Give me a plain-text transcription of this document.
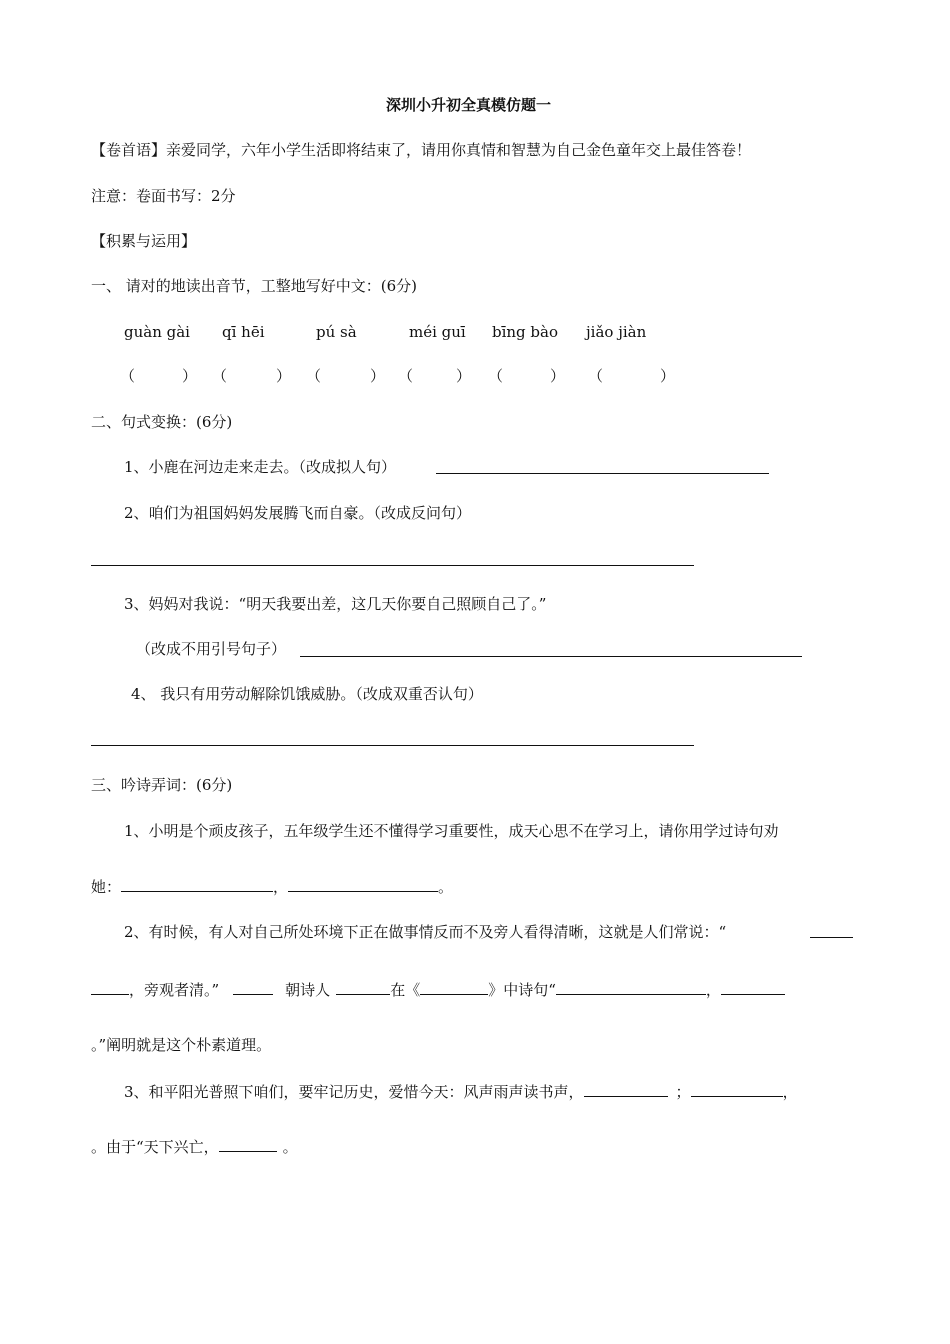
深圳小升初全真模仿题一
【卷首语】亲爱同学，六年小学生活即将结束了，请用你真情和智慧为自己金色童年交上最佳答卷！
注意：卷面书写：2分
【积累与运用】
一、 请对的地读出音节，工整地写好中文：(6分)
guàn gài qī hēi	pú sà	méi guī bīng bào jiǎo jiàn
（	） （	） （	） （	） （	） （	）
二、句式变换：(6分)
1、小鹿在河边走来走去。（改成拟人句）
2、咱们为祖国妈妈发展腾飞而自豪。（改成反问句）
3、妈妈对我说：“明天我要出差，这几天你要自己照顾自己了。”
（改成不用引号句子）
4、 我只有用劳动解除饥饿威胁。（改成双重否认句）
三、吟诗弄词：(6分)
1、小明是个顽皮孩子，五年级学生还不懂得学习重要性，成天心思不在学习上，请你用学过诗句劝
她：	，	。
2、有时候，有人对自己所处环境下正在做事情反而不及旁人看得清晰，这就是人们常说：“
，旁观者清。”	朝诗人	在《	》中诗句“	，
。”阐明就是这个朴素道理。
3、和平阳光普照下咱们，要牢记历史，爱惜今天：风声雨声读书声，	；	，
。由于“天下兴亡，	。
